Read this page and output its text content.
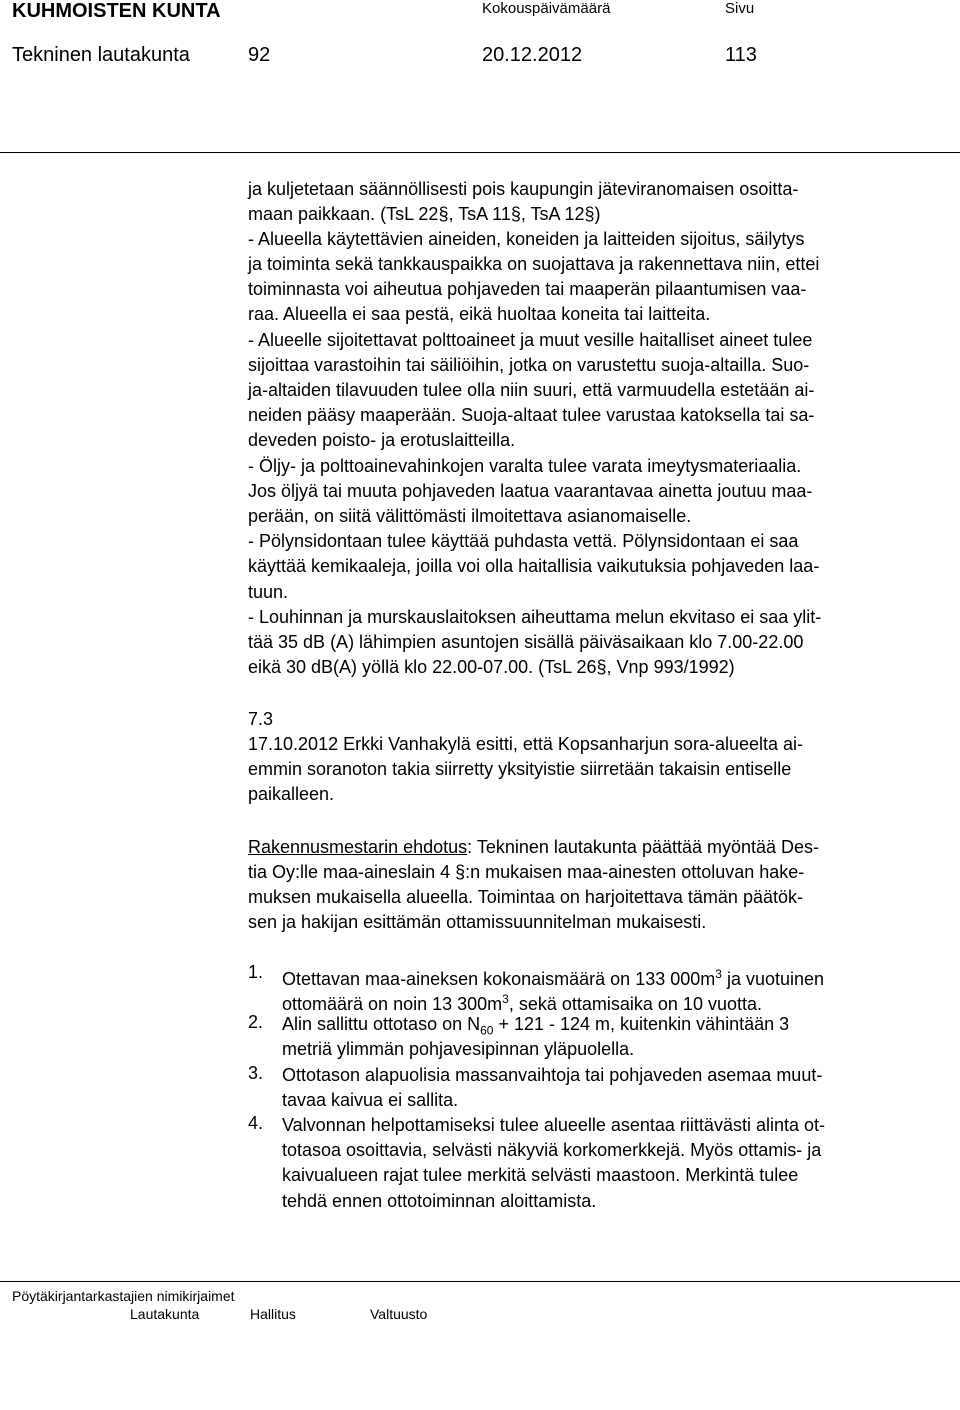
KUHMOISTEN KUNTA	Kokouspäivämäärä	Sivu
Tekninen lautakunta	92	20.12.2012	113
ja kuljetetaan säännöllisesti pois kaupungin jäteviranomaisen osoitta-
maan paikkaan. (TsL 22§, TsA 11§, TsA 12§)
- Alueella käytettävien aineiden, koneiden ja laitteiden sijoitus, säilytys
ja toiminta sekä tankkauspaikka on suojattava ja rakennettava niin, ettei
toiminnasta voi aiheutua pohjaveden tai maaperän pilaantumisen vaa-
raa. Alueella ei saa pestä, eikä huoltaa koneita tai laitteita.
- Alueelle sijoitettavat polttoaineet ja muut vesille haitalliset aineet tulee
sijoittaa varastoihin tai säiliöihin, jotka on varustettu suoja-altailla. Suo-
ja-altaiden tilavuuden tulee olla niin suuri, että varmuudella estetään ai-
neiden pääsy maaperään. Suoja-altaat tulee varustaa katoksella tai sa-
deveden poisto- ja erotuslaitteilla.
- Öljy- ja polttoainevahinkojen varalta tulee varata imeytysmateriaalia.
Jos öljyä tai muuta pohjaveden laatua vaarantavaa ainetta joutuu maa-
perään, on siitä välittömästi ilmoitettava asianomaiselle.
- Pölynsidontaan tulee käyttää puhdasta vettä. Pölynsidontaan ei saa
käyttää kemikaaleja, joilla voi olla haitallisia vaikutuksia pohjaveden laa-
tuun.
- Louhinnan ja murskauslaitoksen aiheuttama melun ekvitaso ei saa ylit-
tää 35 dB (A) lähimpien asuntojen sisällä päiväsaikaan klo 7.00-22.00
eikä 30 dB(A) yöllä klo 22.00-07.00. (TsL 26§, Vnp 993/1992)
7.3
17.10.2012 Erkki Vanhakylä esitti, että Kopsanharjun sora-alueelta ai-
emmin soranoton takia siirretty yksityistie siirretään takaisin entiselle
paikalleen.
Rakennusmestarin ehdotus: Tekninen lautakunta päättää myöntää Des-
tia Oy:lle maa-aineslain 4 §:n mukaisen maa-ainesten ottoluvan hake-
muksen mukaisella alueella. Toimintaa on harjoitettava tämän päätök-
sen ja hakijan esittämän ottamissuunnitelman mukaisesti.
1. Otettavan maa-aineksen kokonaismäärä on 133 $000m^3$ ja vuotuinen
ottomäärä on noin 13 $300m^3$, sekä ottamisaika on 10 vuotta.
2. Alin sallittu ottotaso on $N_{60} + 121 - 124$ m, kuitenkin vähintään 3
metriä ylimmän pohjavesipinnan yläpuolella.
3. Ottotason alapuolisia massanvaihtoja tai pohjaveden asemaa muut-
tavaa kaivua ei sallita.
4. Valvonnan helpottamiseksi tulee alueelle asentaa riittävästi alinta ot-
totasoa osoittavia, selvästi näkyviä korkomerkkejä. Myös ottamis- ja
kaivualueen rajat tulee merkitä selvästi maastoon. Merkintä tulee
tehdä ennen ottotoiminnan aloittamista.
Pöytäkirjantarkastajien nimikirjaimet
Lautakunta	Hallitus	Valtuusto
